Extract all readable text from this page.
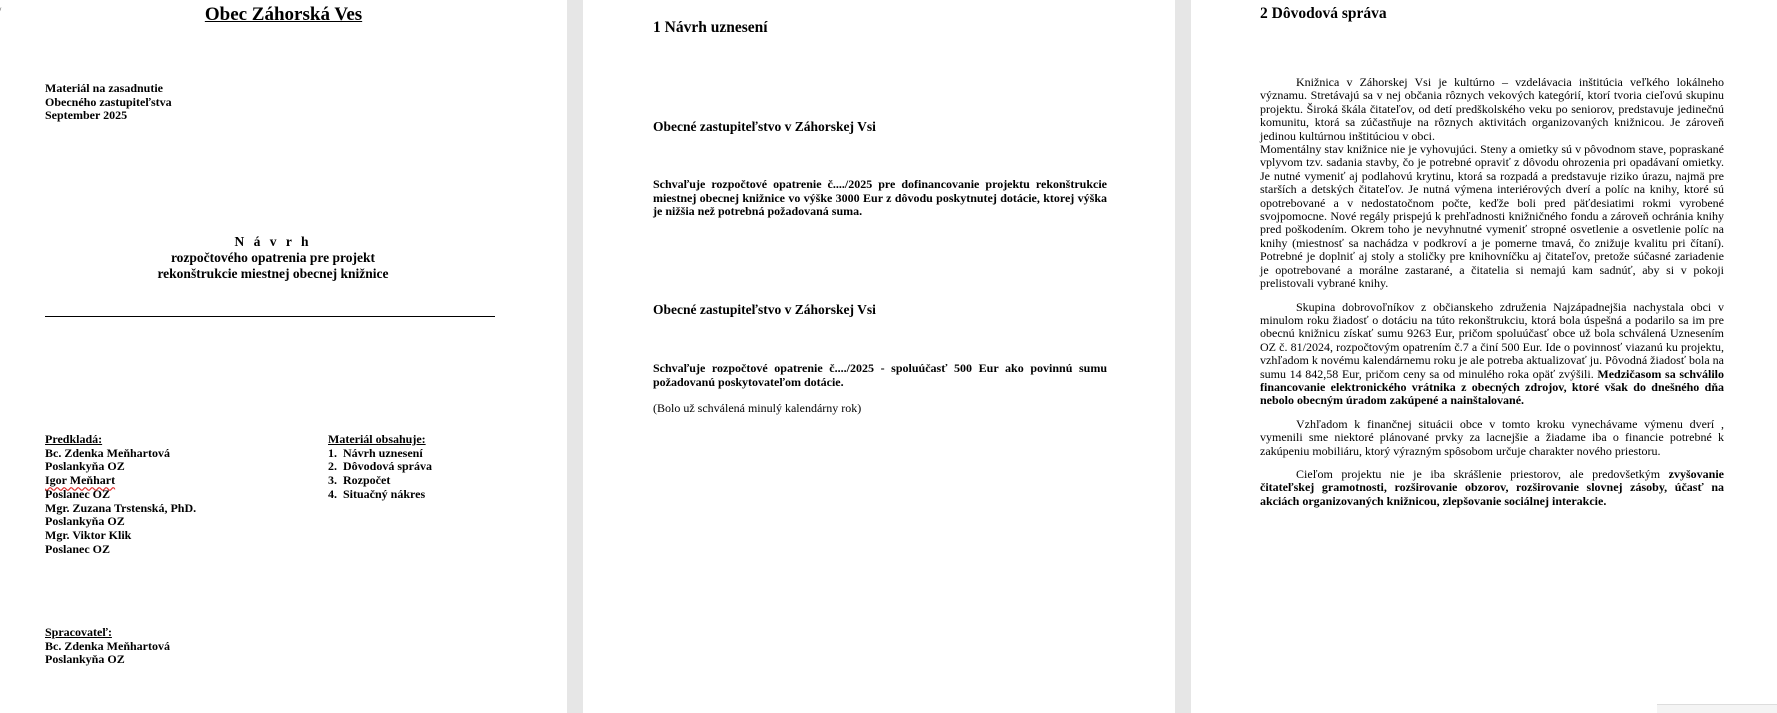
Obec Záhorská Ves
Materiál na zasadnutie
Obecného zastupiteľstva
September 2025
N á v r h
rozpočtového opatrenia pre projekt
rekonštrukcie miestnej obecnej knižnice
Predkladá:
Bc. Zdenka Meňhartová
Poslankyňa OZ
Igor Meňhart
Poslanec OZ
Mgr. Zuzana Trstenská, PhD.
Poslankyňa OZ
Mgr. Viktor Klik
Poslanec OZ
Materiál obsahuje:
1. Návrh uznesení
2. Dôvodová správa
3. Rozpočet
4. Situačný nákres
Spracovateľ:
Bc. Zdenka Meňhartová
Poslankyňa OZ
1 Návrh uznesení
Obecné zastupiteľstvo v Záhorskej Vsi
Schvaľuje rozpočtové opatrenie č..../2025 pre dofinancovanie projektu rekonštrukcie miestnej obecnej knižnice vo výške 3000 Eur z dôvodu poskytnutej dotácie, ktorej výška je nižšia než potrebná požadovaná suma.
Obecné zastupiteľstvo v Záhorskej Vsi
Schvaľuje rozpočtové opatrenie č..../2025 - spoluúčasť 500 Eur ako povinnú sumu požadovanú poskytovateľom dotácie.
(Bolo už schválená minulý kalendárny rok)
2 Dôvodová správa

Knižnica v Záhorskej Vsi je kultúrno – vzdelávacia inštitúcia veľkého lokálneho významu. Stretávajú sa v nej občania rôznych vekových kategórií, ktorí tvoria cieľovú skupinu projektu. Široká škála čitateľov, od detí predškolského veku po seniorov, predstavuje jedinečnú komunitu, ktorá sa zúčastňuje na rôznych aktivitách organizovaných knižnicou. Je zároveň jedinou kultúrnou inštitúciou v obci.

Momentálny stav knižnice nie je vyhovujúci. Steny a omietky sú v pôvodnom stave, popraskané vplyvom tzv. sadania stavby, čo je potrebné opraviť z dôvodu ohrozenia pri opadávaní omietky. Je nutné vymeniť aj podlahovú krytinu, ktorá sa rozpadá a predstavuje riziko úrazu, najmä pre starších a detských čitateľov. Je nutná výmena interiérových dverí a políc na knihy, ktoré sú opotrebované a v nedostatočnom počte, keďže boli pred päťdesiatimi rokmi vyrobené svojpomocne. Nové regály prispejú k prehľadnosti knižničného fondu a zároveň ochránia knihy pred poškodením. Okrem toho je nevyhnutné vymeniť stropné osvetlenie a osvetlenie políc na knihy (miestnosť sa nachádza v podkroví a je pomerne tmavá, čo znižuje kvalitu pri čítaní). Potrebné je doplniť aj stoly a stoličky pre knihovníčku aj čitateľov, pretože súčasné zariadenie je opotrebované a morálne zastarané, a čitatelia si nemajú kam sadnúť, aby si v pokoji prelistovali vybrané knihy.

Skupina dobrovoľníkov z občianskeho združenia Najzápadnejšia nachystala obci v minulom roku žiadosť o dotáciu na túto rekonštrukciu, ktorá bola úspešná a podarilo sa im pre obecnú knižnicu získať sumu 9263 Eur, pričom spoluúčasť obce už bola schválená Uznesením OZ č. 81/2024, rozpočtovým opatrením č.7 a činí 500 Eur. Ide o povinnosť viazanú ku projektu, vzhľadom k novému kalendárnemu roku je ale potreba aktualizovať ju. Pôvodná žiadosť bola na sumu 14 842,58 Eur, pričom ceny sa od minulého roka opäť zvýšili. Medzičasom sa schválilo financovanie elektronického vrátnika z obecných zdrojov, ktoré však do dnešného dňa nebolo obecným úradom zakúpené a nainštalované.

Vzhľadom k finančnej situácii obce v tomto kroku vynechávame výmenu dverí , vymenili sme niektoré plánované prvky za lacnejšie a žiadame iba o financie potrebné k zakúpeniu mobiliáru, ktorý výrazným spôsobom určuje charakter nového priestoru.

Cieľom projektu nie je iba skrášlenie priestorov, ale predovšetkým zvyšovanie čitateľskej gramotnosti, rozširovanie obzorov, rozširovanie slovnej zásoby, účasť na akciách organizovaných knižnicou, zlepšovanie sociálnej interakcie.
